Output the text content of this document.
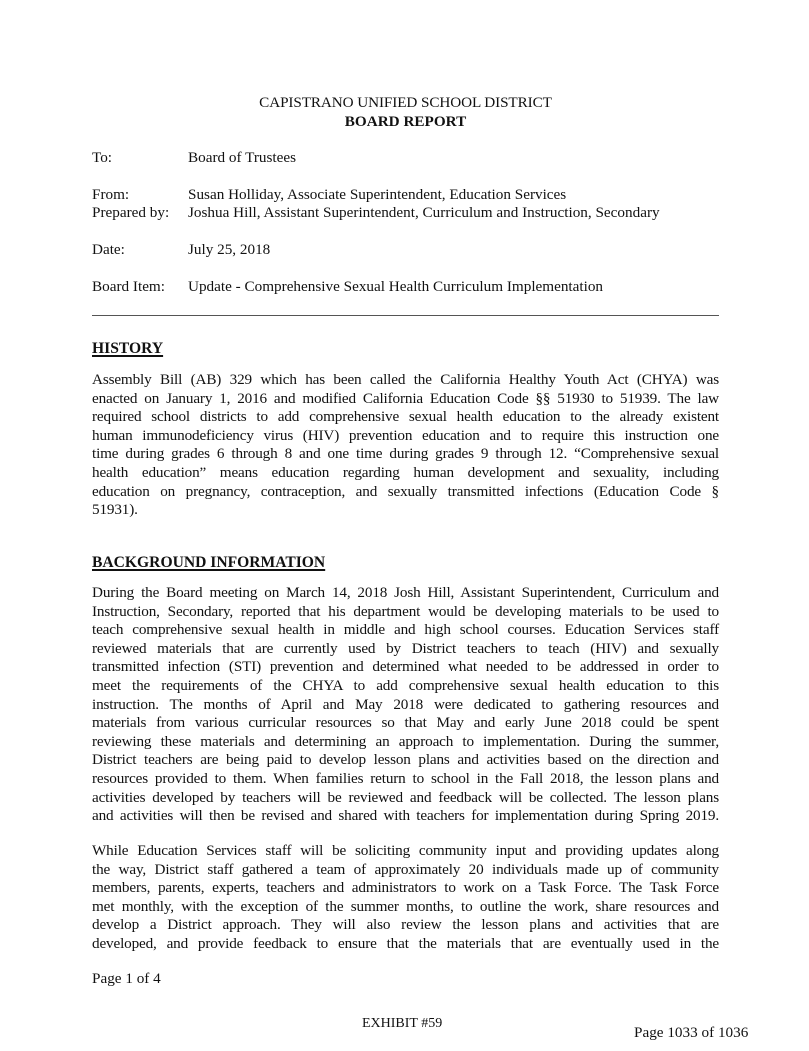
CAPISTRANO UNIFIED SCHOOL DISTRICT
BOARD REPORT
To:	Board of Trustees
From:	Susan Holliday, Associate Superintendent, Education Services
Prepared by: Joshua Hill, Assistant Superintendent, Curriculum and Instruction, Secondary
Date:	July 25, 2018
Board Item: Update - Comprehensive Sexual Health Curriculum Implementation
HISTORY
Assembly Bill (AB) 329 which has been called the California Healthy Youth Act (CHYA) was
enacted on January 1, 2016 and modified California Education Code §§ 51930 to 51939. The law
required school districts to add comprehensive sexual health education to the already existent
human immunodeficiency virus (HIV) prevention education and to require this instruction one
time during grades 6 through 8 and one time during grades 9 through 12. “Comprehensive sexual
health education” means education regarding human development and sexuality, including
education on pregnancy, contraception, and sexually transmitted infections (Education Code §
51931).
BACKGROUND INFORMATION
During the Board meeting on March 14, 2018 Josh Hill, Assistant Superintendent, Curriculum and
Instruction, Secondary, reported that his department would be developing materials to be used to
teach comprehensive sexual health in middle and high school courses. Education Services staff
reviewed materials that are currently used by District teachers to teach (HIV) and sexually
transmitted infection (STI) prevention and determined what needed to be addressed in order to
meet the requirements of the CHYA to add comprehensive sexual health education to this
instruction. The months of April and May 2018 were dedicated to gathering resources and
materials from various curricular resources so that May and early June 2018 could be spent
reviewing these materials and determining an approach to implementation. During the summer,
District teachers are being paid to develop lesson plans and activities based on the direction and
resources provided to them. When families return to school in the Fall 2018, the lesson plans and
activities developed by teachers will be reviewed and feedback will be collected. The lesson plans
and activities will then be revised and shared with teachers for implementation during Spring 2019.
While Education Services staff will be soliciting community input and providing updates along
the way, District staff gathered a team of approximately 20 individuals made up of community
members, parents, experts, teachers and administrators to work on a Task Force. The Task Force
met monthly, with the exception of the summer months, to outline the work, share resources and
develop a District approach. They will also review the lesson plans and activities that are
developed, and provide feedback to ensure that the materials that are eventually used in the
Page 1 of 4
EXHIBIT #59
Page 1033 of 1036
